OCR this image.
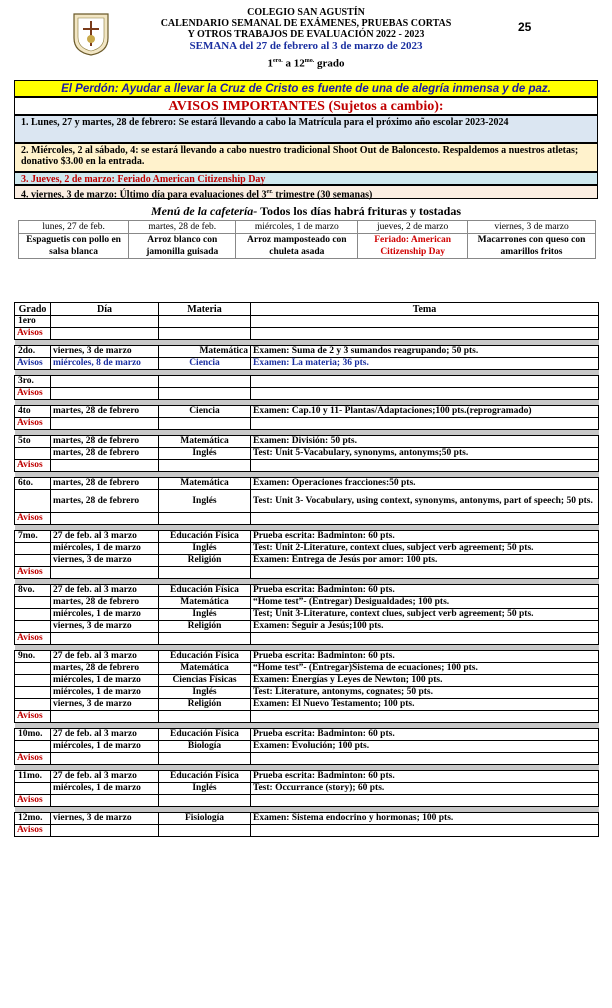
COLEGIO SAN AGUSTÍN
CALENDARIO SEMANAL DE EXÁMENES, PRUEBAS CORTAS
Y OTROS TRABAJOS DE EVALUACIÓN 2022 - 2023
SEMANA del 27 de febrero al 3 de marzo de 2023
$1^{ero.}$ a $12^{mo.}$ grado
25
El Perdón: Ayudar a llevar la Cruz de Cristo es fuente de una de alegría inmensa y de paz.
AVISOS IMPORTANTES (Sujetos a cambio):
1. Lunes, 27 y martes, 28 de febrero: Se estará llevando a cabo la Matrícula para el próximo año escolar 2023-2024
2. Miércoles, 2 al sábado, 4: se estará llevando a cabo nuestro tradicional Shoot Out de Baloncesto. Respaldemos a nuestros atletas; donativo $3.00 en la entrada.
3. Jueves, 2 de marzo: Feriado American Citizenship Day
4. viernes, 3 de marzo: Último día para evaluaciones del $3^{er.}$ trimestre (30 semanas)
Menú de la cafetería- Todos los días habrá frituras y tostadas
lunes, 27 de feb.	martes, 28 de feb.	miércoles, 1 de marzo	jueves, 2 de marzo	viernes, 3 de marzo
Espaguetis con pollo en salsa blanca	Arroz blanco con jamonilla guisada	Arroz mamposteado con chuleta asada	Feriado: American Citizenship Day	Macarrones con queso con amarillos fritos
Grado	Día	Materia	Tema
1ero			
Avisos			

2do.	viernes, 3 de marzo	Matemática	Examen: Suma de 2 y 3 sumandos reagrupando; 50 pts.
Avisos	miércoles, 8 de marzo	Ciencia	Examen: La materia; 36 pts.

3ro.			
Avisos			

4to	martes, 28 de febrero	Ciencia	Examen: Cap.10 y 11- Plantas/Adaptaciones;100 pts.(reprogramado)
Avisos			

5to	martes, 28 de febrero	Matemática	Examen: División: 50 pts.
	martes, 28 de febrero	Inglés	Test: Unit 5-Vacabulary, synonyms, antonyms;50 pts.
Avisos			

6to.	martes, 28 de febrero	Matemática	Examen: Operaciones fracciones:50 pts.
	martes, 28 de febrero	Inglés	Test: Unit 3- Vocabulary, using context, synonyms, antonyms, part of speech; 50 pts.
Avisos			

7mo.	27 de feb. al 3 marzo	Educación Física	Prueba escrita: Badminton: 60 pts.
	miércoles, 1 de marzo	Inglés	Test: Unit 2-Literature, context clues, subject verb agreement; 50 pts.
	viernes, 3 de marzo	Religión	Examen: Entrega de Jesús por amor: 100 pts.
Avisos			

8vo.	27 de feb. al 3 marzo	Educación Física	Prueba escrita: Badminton: 60 pts.
	martes, 28 de febrero	Matemática	“Home test”- (Entregar) Desigualdades; 100 pts.
	miércoles, 1 de marzo	Inglés	Test; Unit 3-Literature, context clues, subject verb agreement; 50 pts.
	viernes, 3 de marzo	Religión	Examen: Seguir a Jesús;100 pts.
Avisos			

9no.	27 de feb. al 3 marzo	Educación Física	Prueba escrita: Badminton: 60 pts.
	martes, 28 de febrero	Matemática	“Home test”- (Entregar)Sistema de ecuaciones; 100 pts.
	miércoles, 1 de marzo	Ciencias Físicas	Examen: Energías y Leyes de Newton; 100 pts.
	miércoles, 1 de marzo	Inglés	Test: Literature, antonyms, cognates; 50 pts.
	viernes, 3 de marzo	Religión	Examen: El Nuevo Testamento; 100 pts.
Avisos			

10mo.	27 de feb. al 3 marzo	Educación Física	Prueba escrita: Badminton: 60 pts.
	miércoles, 1 de marzo	Biología	Examen: Evolución; 100 pts.
Avisos			

11mo.	27 de feb. al 3 marzo	Educación Física	Prueba escrita: Badminton: 60 pts.
	miércoles, 1 de marzo	Inglés	Test: Occurrance (story); 60 pts.
Avisos			

12mo.	viernes, 3 de marzo	Fisiología	Examen: Sistema endocrino y hormonas; 100 pts.
Avisos			
